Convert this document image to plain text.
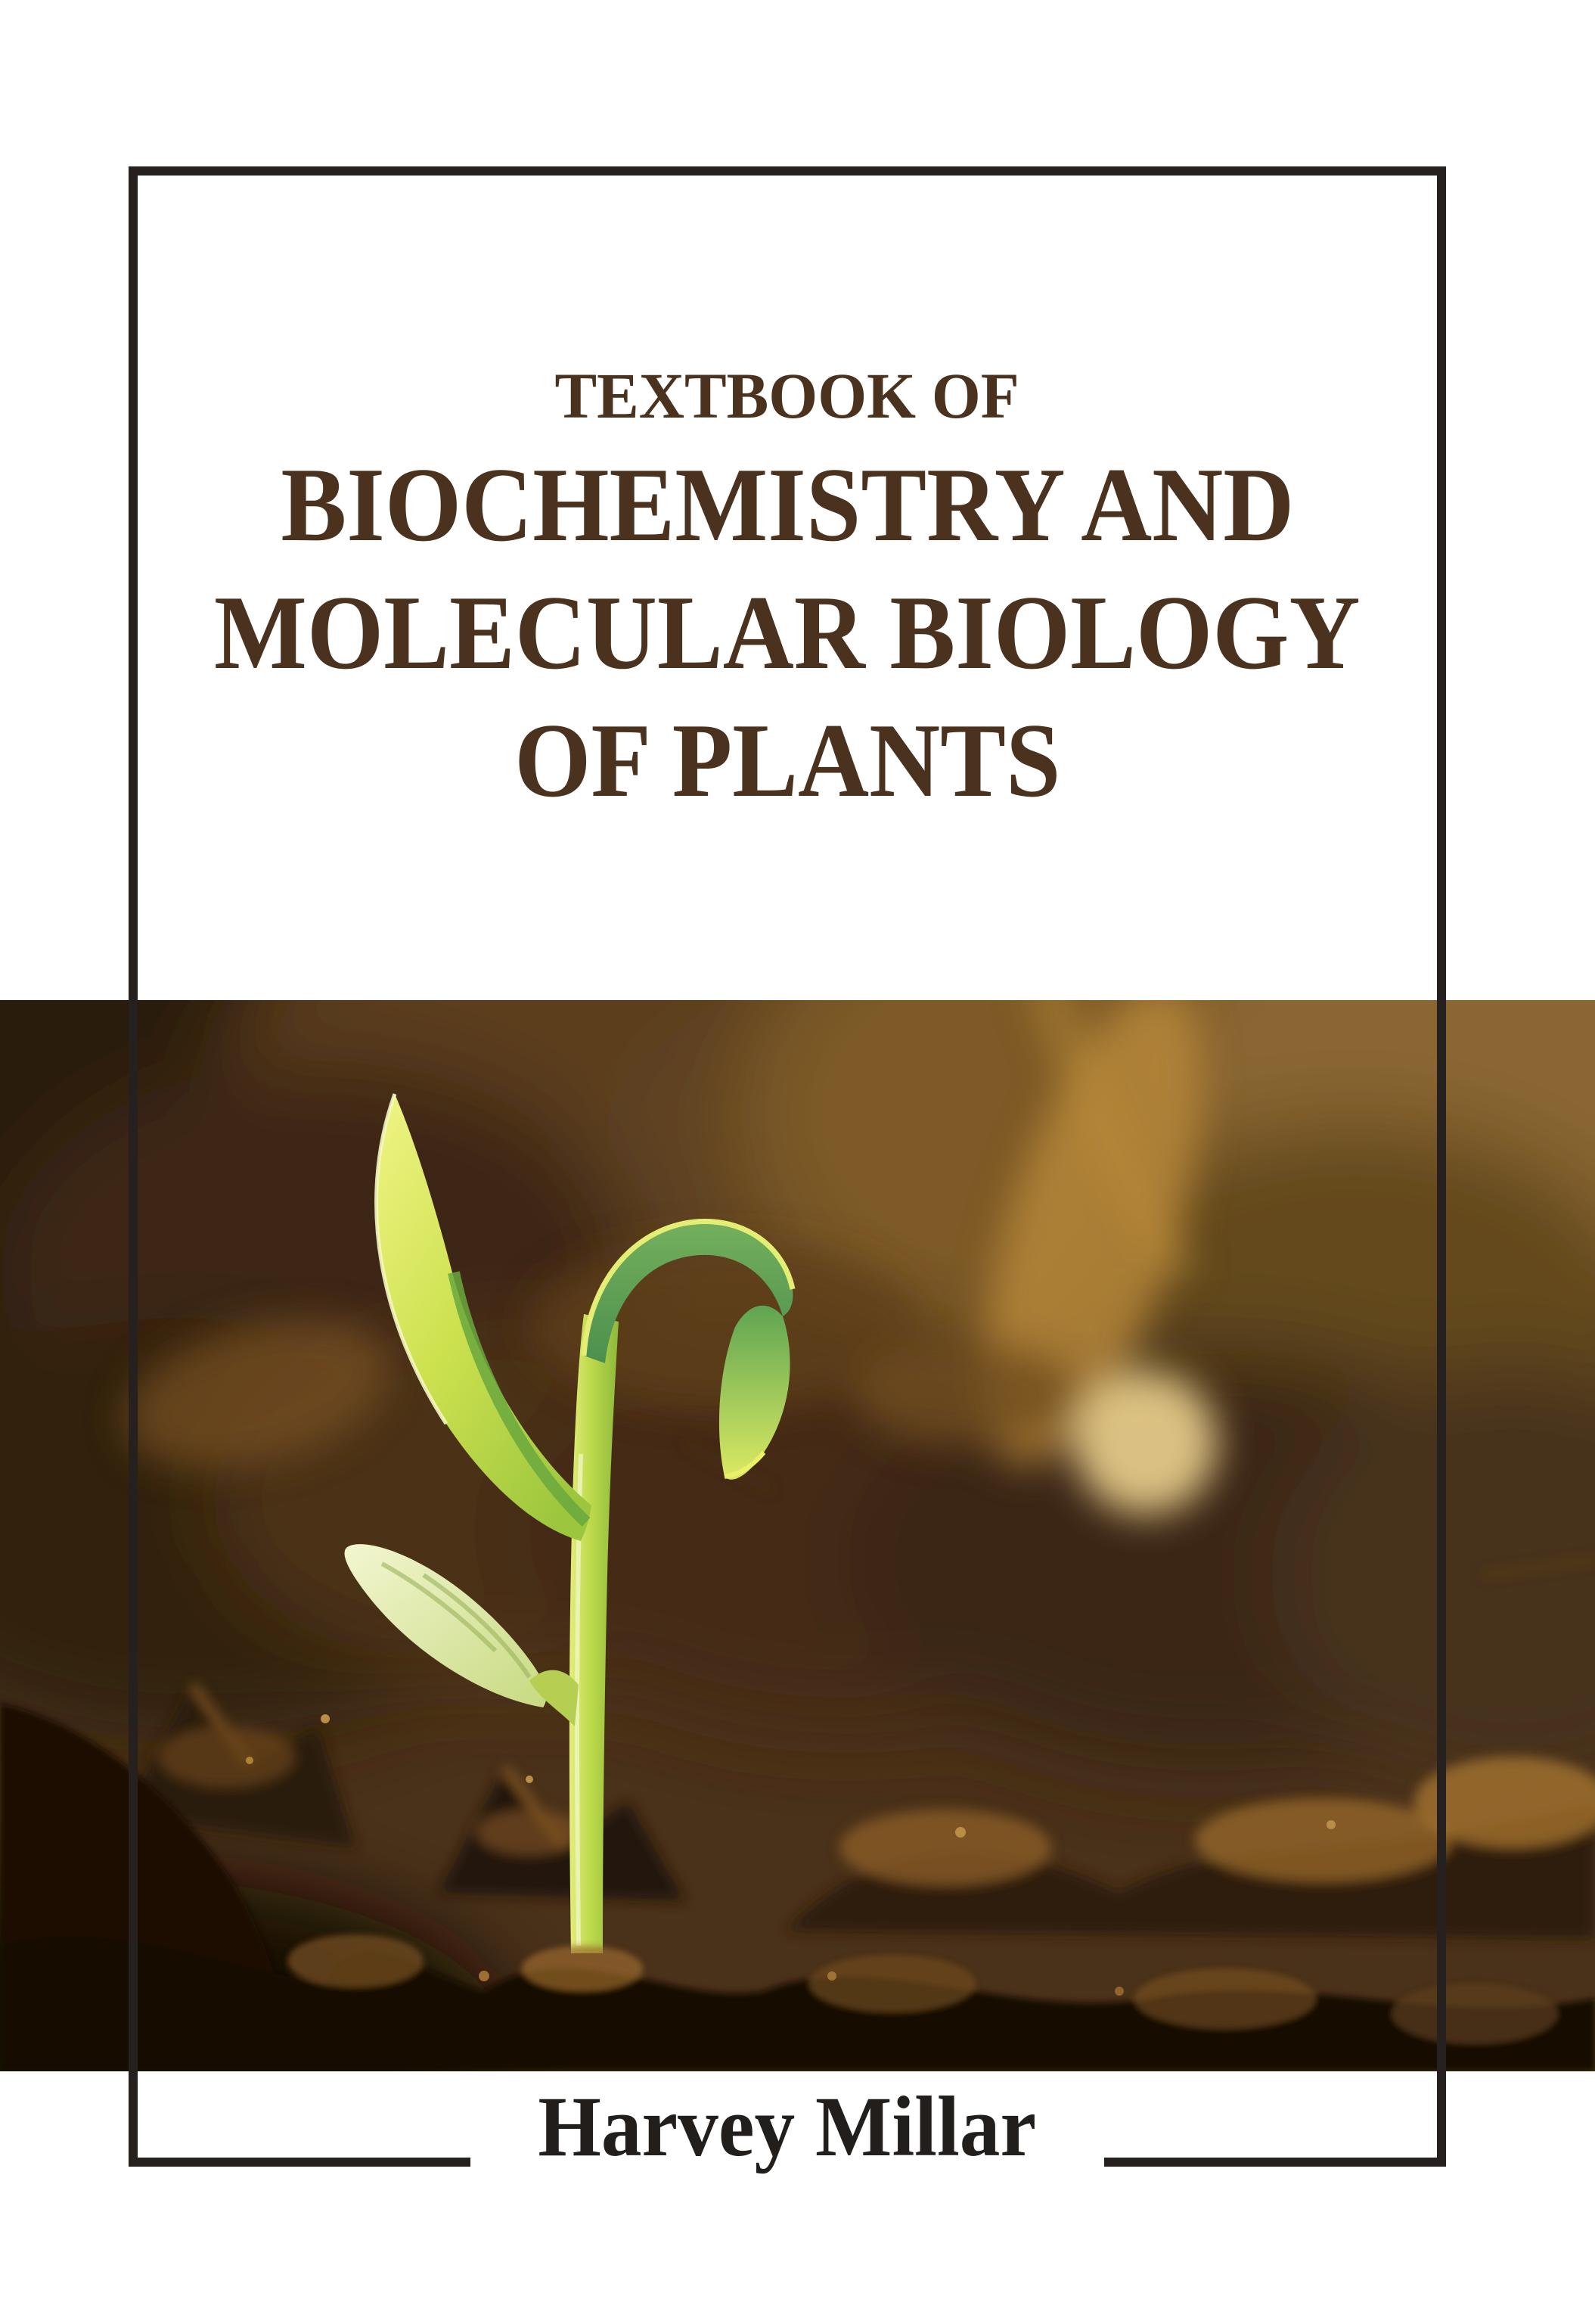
TEXTBOOK OF
BIOCHEMISTRY AND
MOLECULAR BIOLOGY
OF PLANTS
Harvey Millar
